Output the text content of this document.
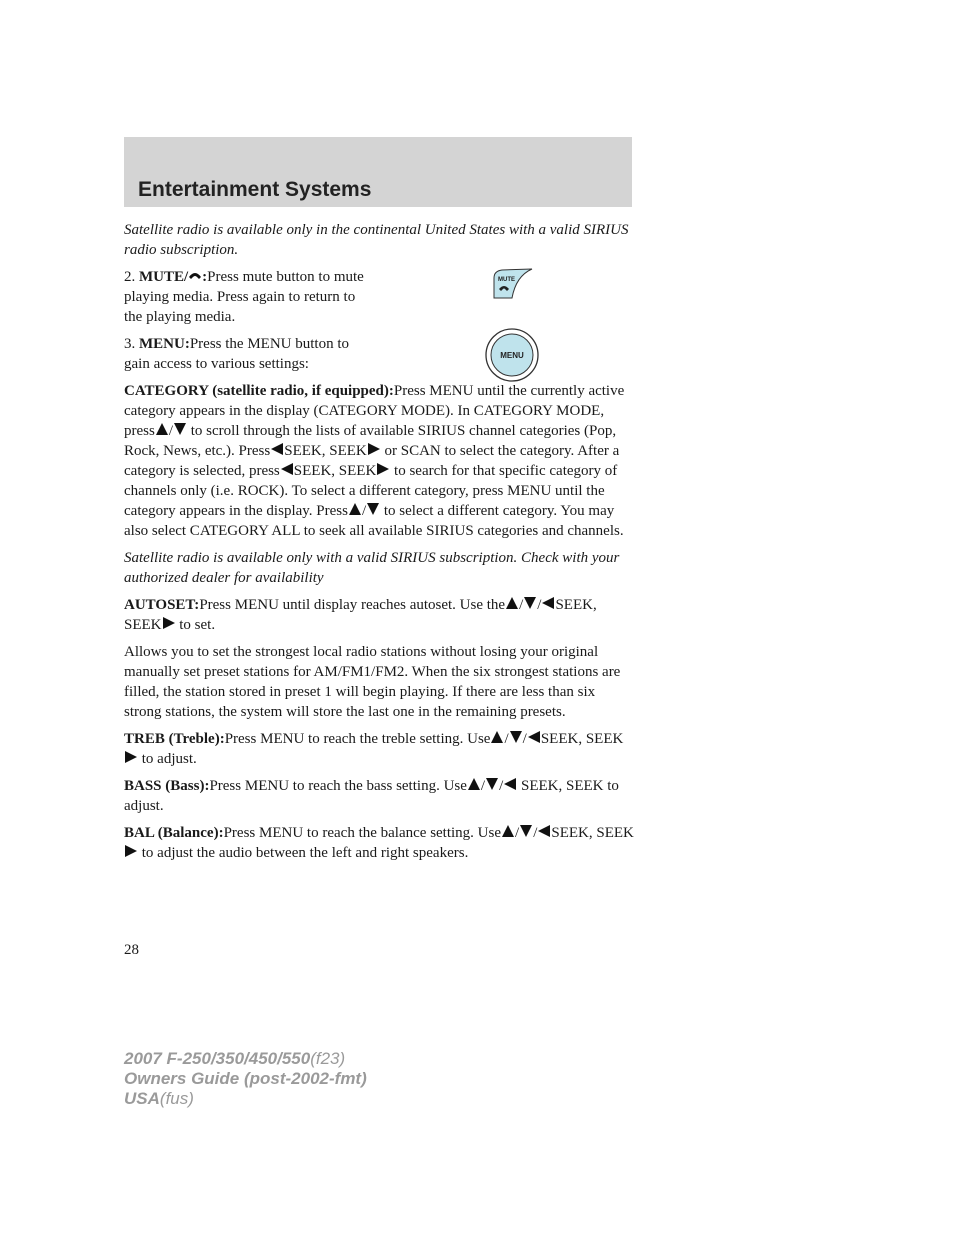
Entertainment Systems
MUTE
MENU

Satellite radio is available only in the continental United States with a valid SIRIUS radio subscription.

2. MUTE/ :Press mute button to mute playing media. Press again to return to the playing media.

3. MENU:Press the MENU button to gain access to various settings:

CATEGORY (satellite radio, if equipped):Press MENU until the currently active category appears in the display (CATEGORY MODE). In CATEGORY MODE, press / to scroll through the lists of available SIRIUS channel categories (Pop, Rock, News, etc.). Press SEEK, SEEK or SCAN to select the category. After a category is selected, press SEEK, SEEK to search for that specific category of channels only (i.e. ROCK). To select a different category, press MENU until the category appears in the display. Press / to select a different category. You may also select CATEGORY ALL to seek all available SIRIUS categories and channels.

Satellite radio is available only with a valid SIRIUS subscription. Check with your authorized dealer for availability

AUTOSET:Press MENU until display reaches autoset. Use the / / SEEK, SEEK to set.

Allows you to set the strongest local radio stations without losing your original manually set preset stations for AM/FM1/FM2. When the six strongest stations are filled, the station stored in preset 1 will begin playing. If there are less than six strong stations, the system will store the last one in the remaining presets.

TREB (Treble):Press MENU to reach the treble setting. Use / / SEEK, SEEK
to adjust.

BASS (Bass):Press MENU to reach the bass setting. Use / / SEEK, SEEK to adjust.

BAL (Balance):Press MENU to reach the balance setting. Use / / SEEK, SEEK
to adjust the audio between the left and right speakers.

28
2007 F-250/350/450/550(f23)
Owners Guide (post-2002-fmt)
USA(fus)
